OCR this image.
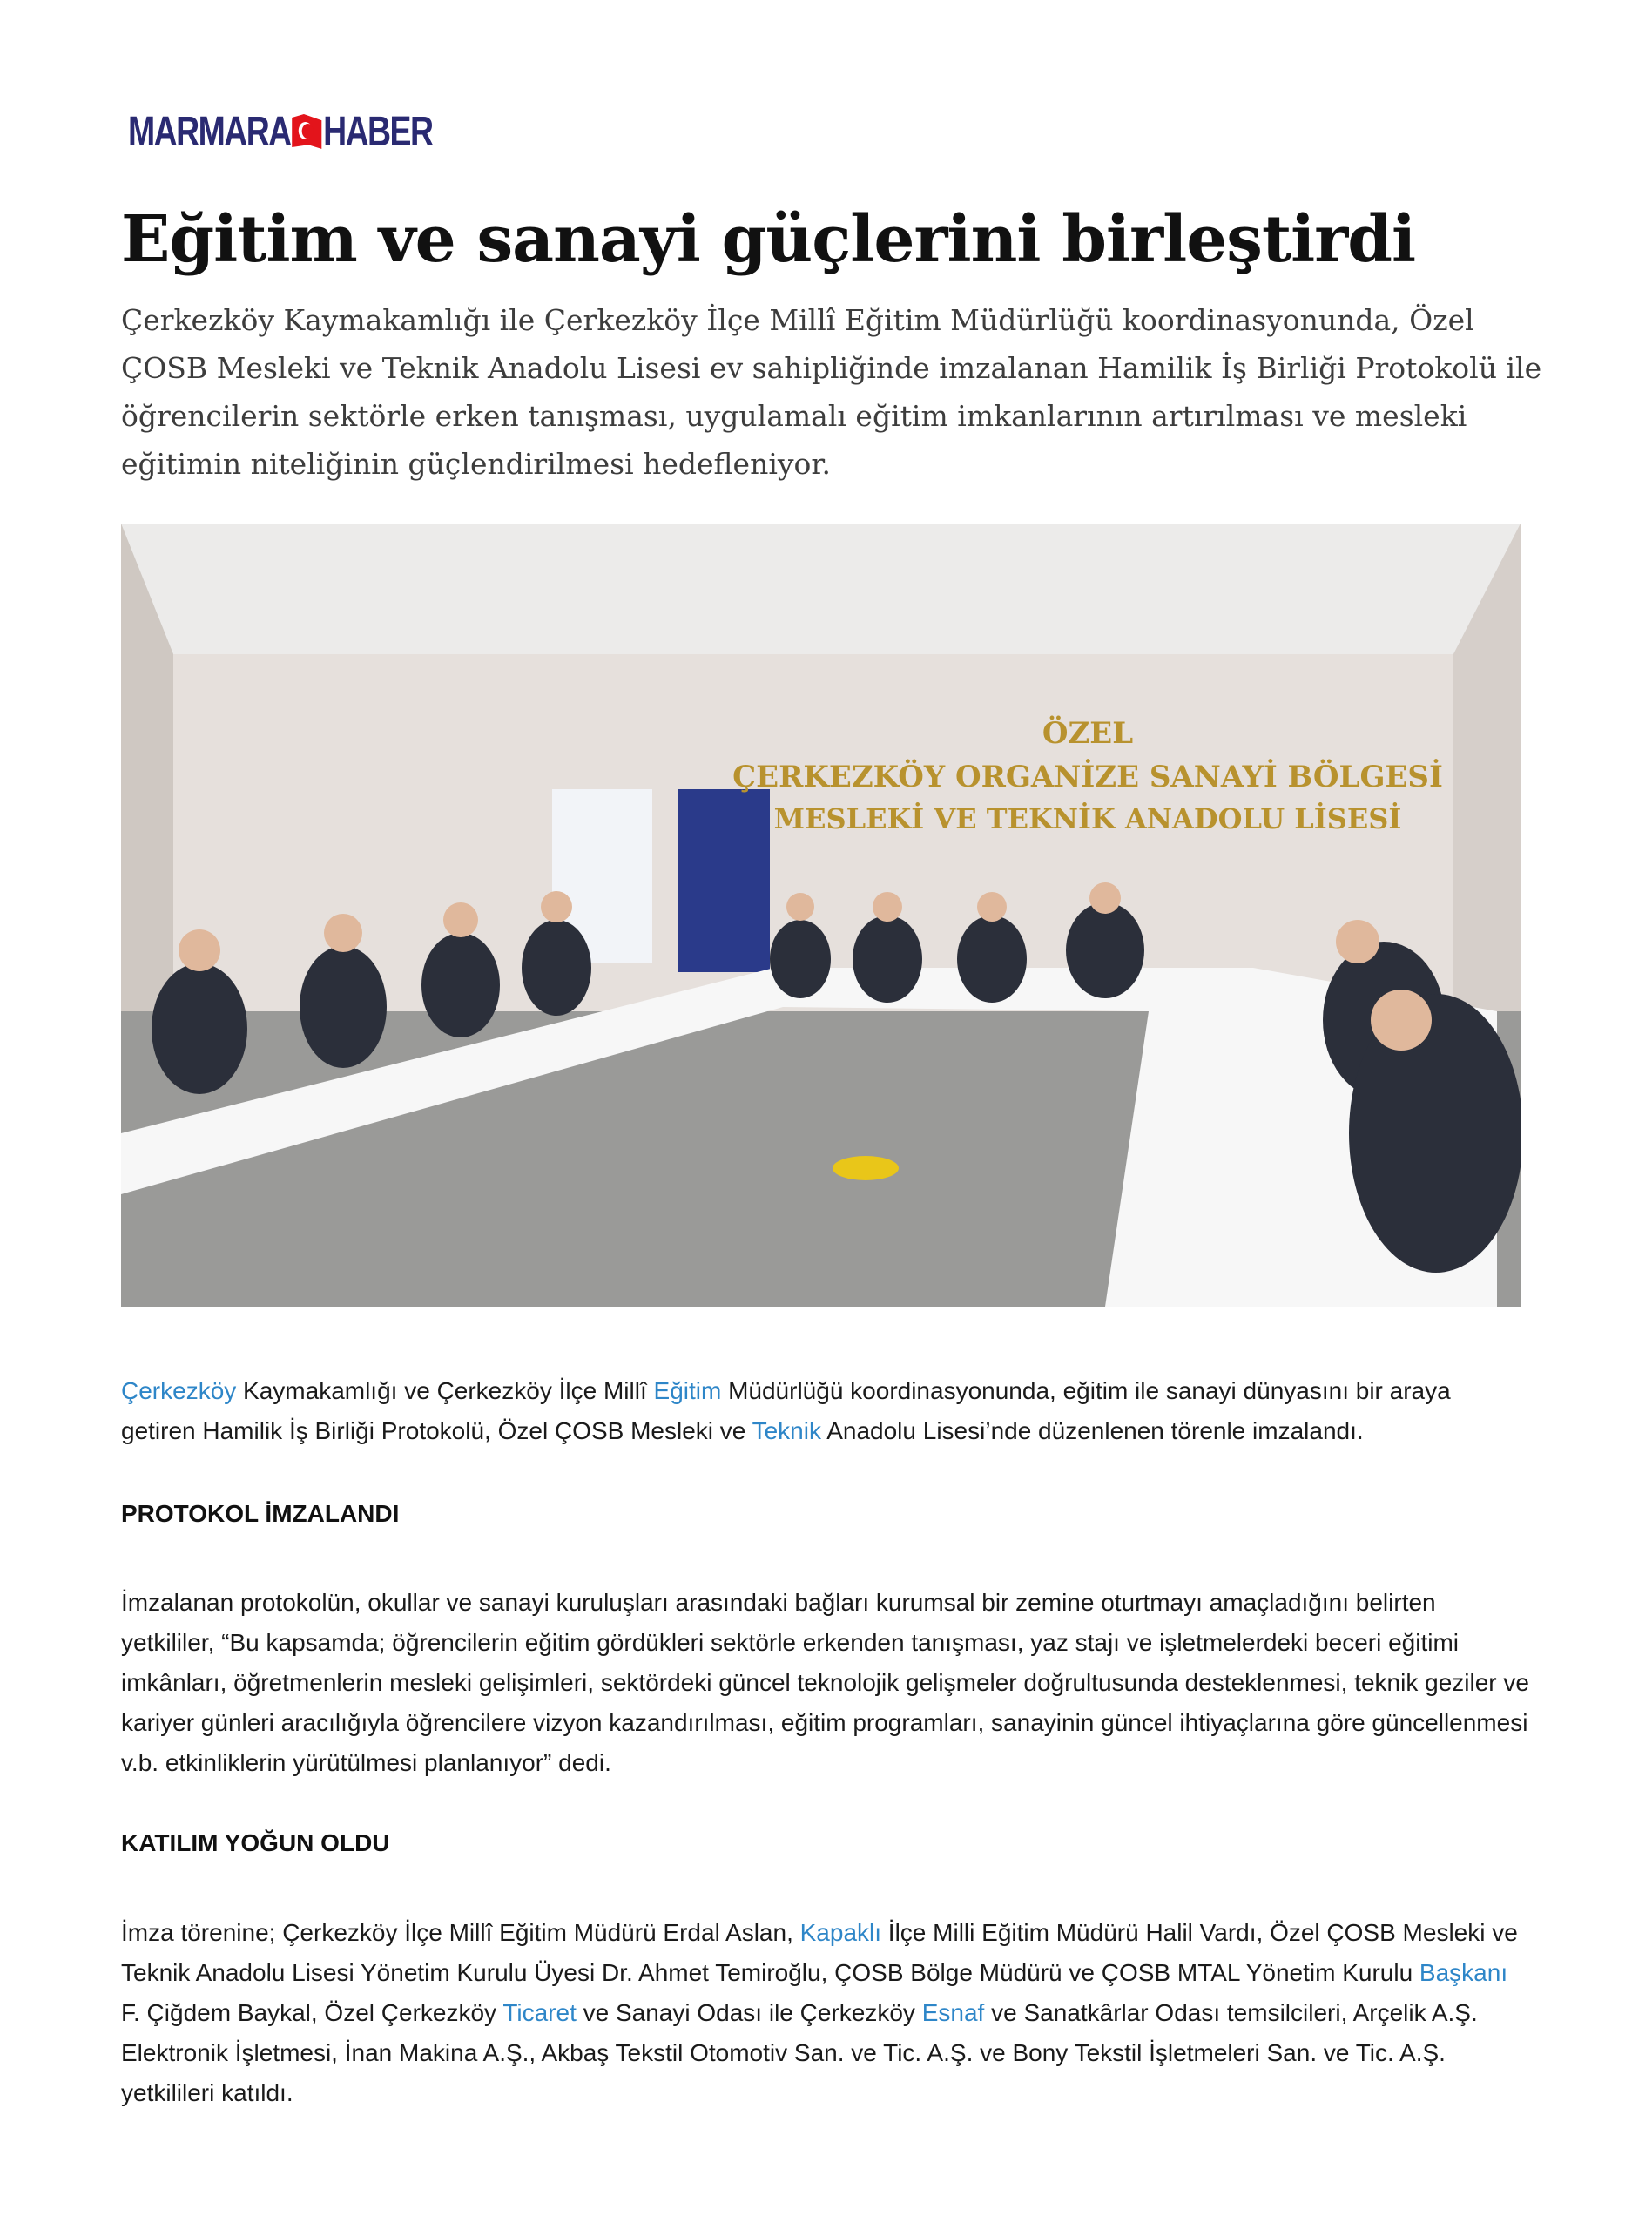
MARMARA HABER
Eğitim ve sanayi güçlerini birleştirdi

Çerkezköy Kaymakamlığı ile Çerkezköy İlçe Millî Eğitim Müdürlüğü koordinasyonunda, Özel ÇOSB Mesleki ve Teknik Anadolu Lisesi ev sahipliğinde imzalanan Hamilik İş Birliği Protokolü ile öğrencilerin sektörle erken tanışması, uygulamalı eğitim imkanlarının artırılması ve mesleki eğitimin niteliğinin güçlendirilmesi hedefleniyor.

ÖZEL
ÇERKEZKÖY ORGANİZE SANAYİ BÖLGESİ
MESLEKİ VE TEKNİK ANADOLU LİSESİ

Çerkezköy Kaymakamlığı ve Çerkezköy İlçe Millî Eğitim Müdürlüğü koordinasyonunda, eğitim ile sanayi dünyasını bir araya getiren Hamilik İş Birliği Protokolü, Özel ÇOSB Mesleki ve Teknik Anadolu Lisesi’nde düzenlenen törenle imzalandı.

PROTOKOL İMZALANDI

İmzalanan protokolün, okullar ve sanayi kuruluşları arasındaki bağları kurumsal bir zemine oturtmayı amaçladığını belirten yetkililer, “Bu kapsamda; öğrencilerin eğitim gördükleri sektörle erkenden tanışması, yaz stajı ve işletmelerdeki beceri eğitimi imkânları, öğretmenlerin mesleki gelişimleri, sektördeki güncel teknolojik gelişmeler doğrultusunda desteklenmesi, teknik geziler ve kariyer günleri aracılığıyla öğrencilere vizyon kazandırılması, eğitim programları, sanayinin güncel ihtiyaçlarına göre güncellenmesi v.b. etkinliklerin yürütülmesi planlanıyor” dedi.

KATILIM YOĞUN OLDU

İmza törenine; Çerkezköy İlçe Millî Eğitim Müdürü Erdal Aslan, Kapaklı İlçe Milli Eğitim Müdürü Halil Vardı, Özel ÇOSB Mesleki ve Teknik Anadolu Lisesi Yönetim Kurulu Üyesi Dr. Ahmet Temiroğlu, ÇOSB Bölge Müdürü ve ÇOSB MTAL Yönetim Kurulu Başkanı F. Çiğdem Baykal, Özel Çerkezköy Ticaret ve Sanayi Odası ile Çerkezköy Esnaf ve Sanatkârlar Odası temsilcileri, Arçelik A.Ş. Elektronik İşletmesi, İnan Makina A.Ş., Akbaş Tekstil Otomotiv San. ve Tic. A.Ş. ve Bony Tekstil İşletmeleri San. ve Tic. A.Ş. yetkilileri katıldı.
